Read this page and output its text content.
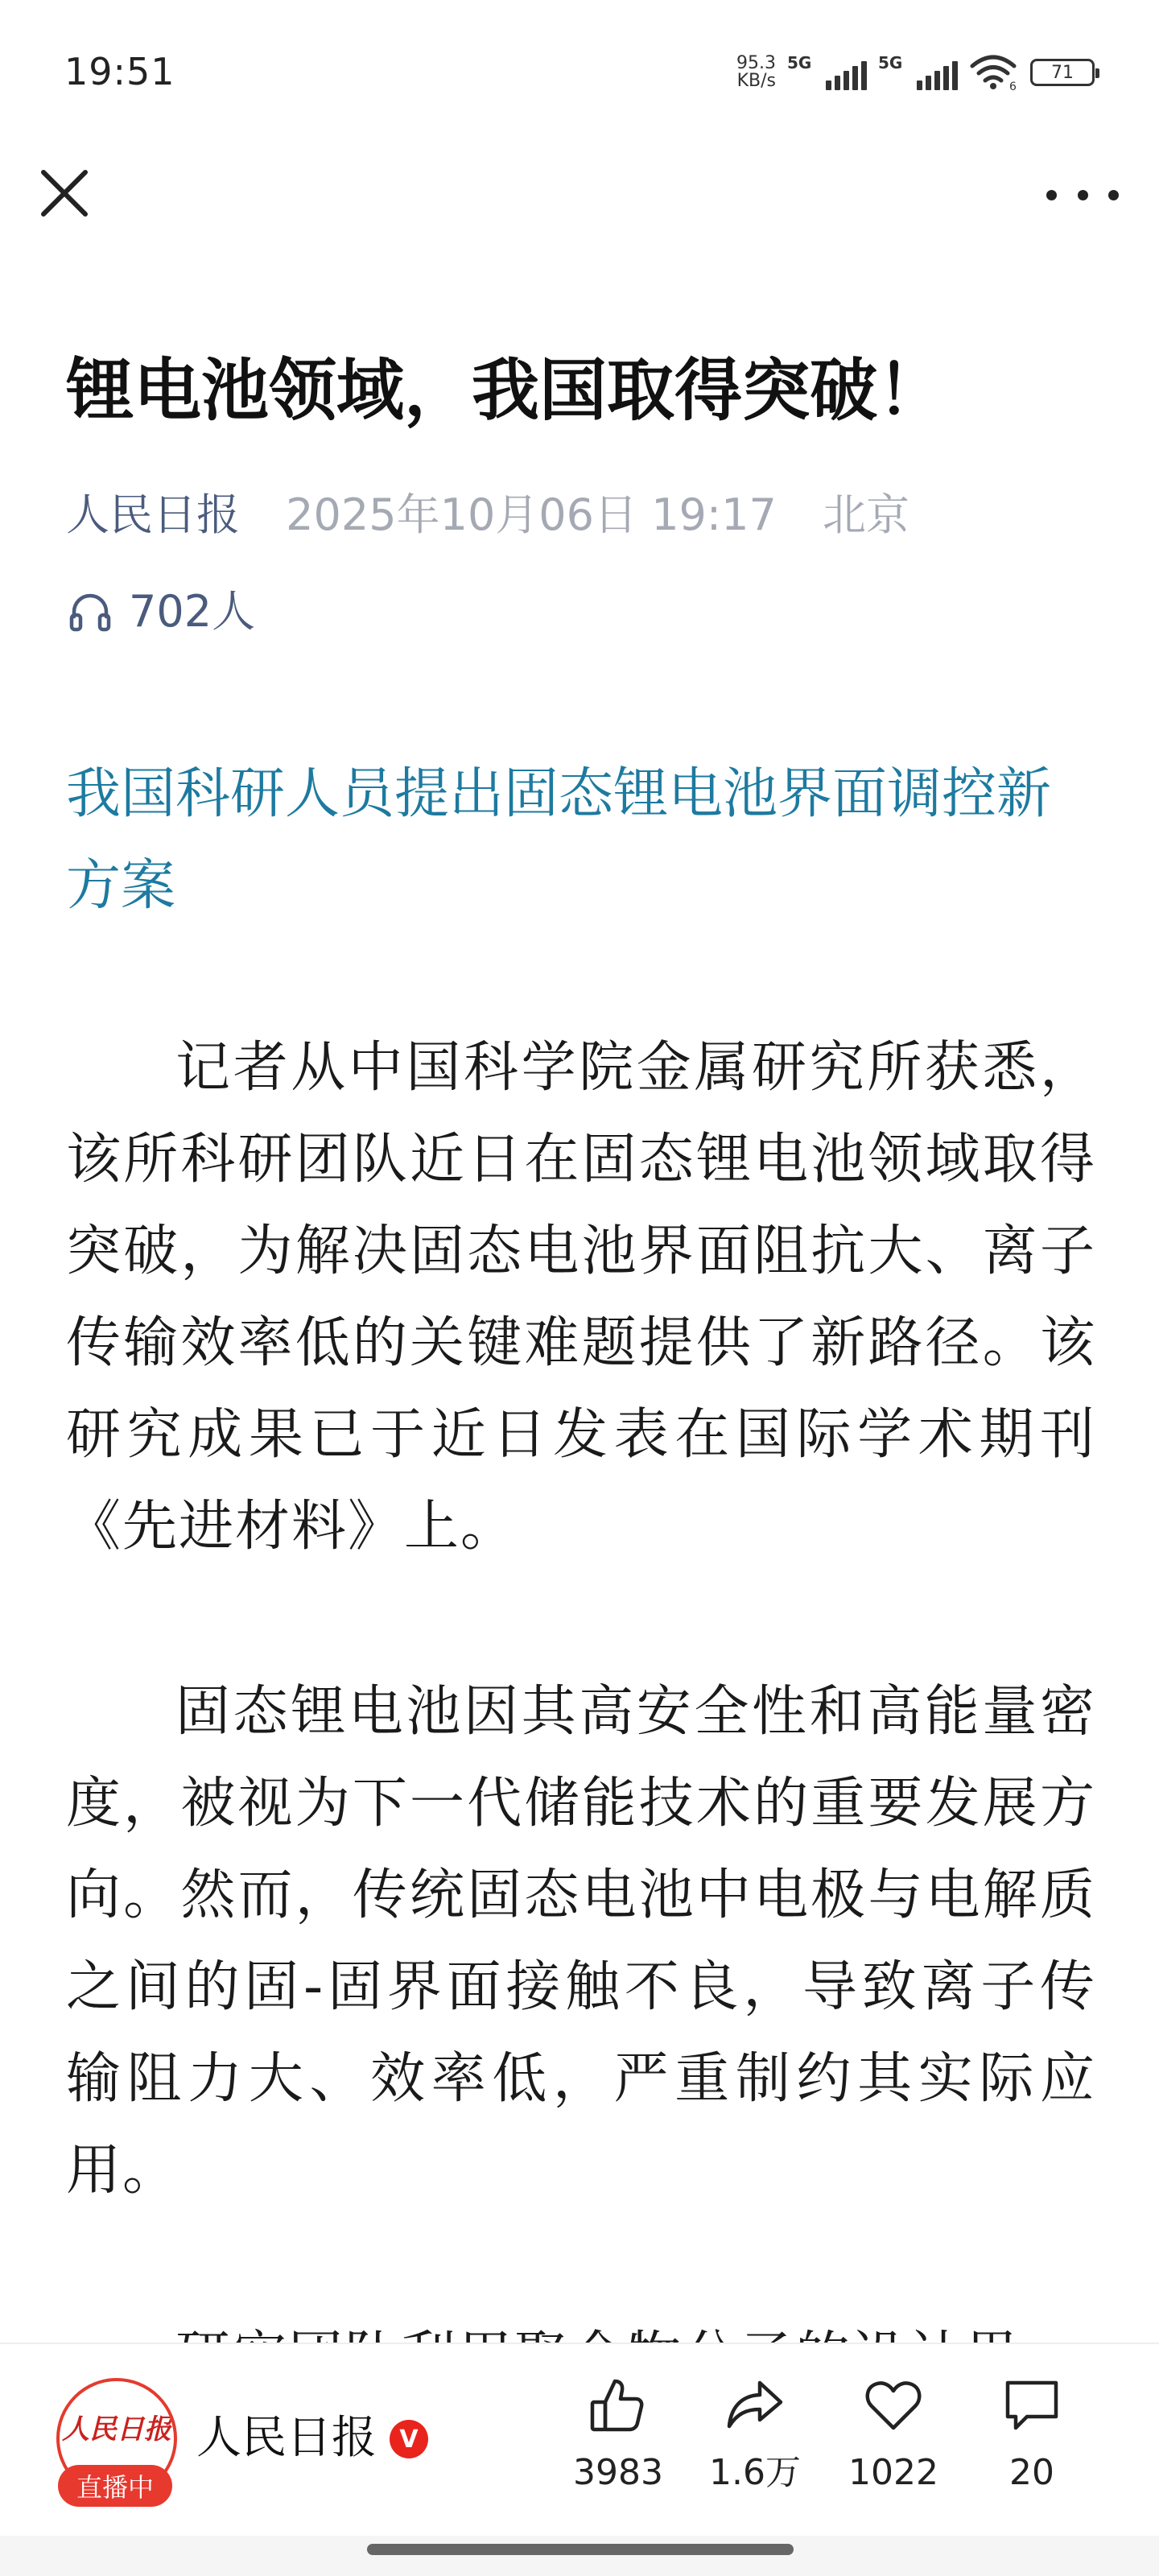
19:51	95.3
KB/s
5G	5G
6
71
锂电池领域，我国取得突破！
人民日报 2025年10月06日 19:17 北京
702人
我国科研人员提出固态锂电池界面调控新方案

记者从中国科学院金属研究所获悉，该所科研团队近日在固态锂电池领域取得突破，为解决固态电池界面阻抗大、离子传输效率低的关键难题提供了新路径。该研究成果已于近日发表在国际学术期刊《先进材料》上。

固态锂电池因其高安全性和高能量密度，被视为下一代储能技术的重要发展方向。然而，传统固态电池中电极与电解质之间的固-固界面接触不良，导致离子传输阻力大、效率低，严重制约其实际应用。

人民日报
直播中
人民日报 V
3983 1.6万 1022 20
